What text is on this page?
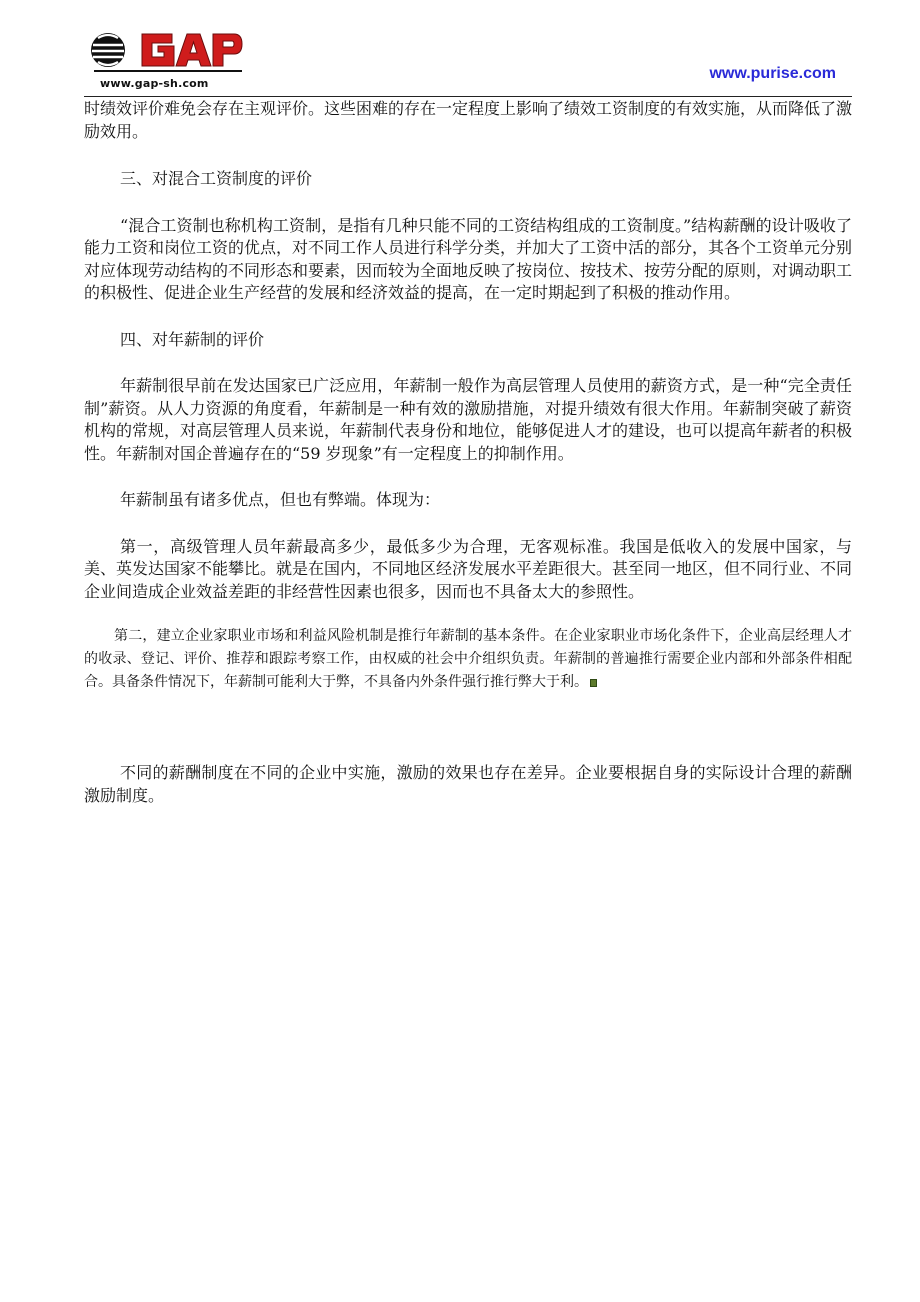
www.gap-sh.com
www.purise.com

时绩效评价难免会存在主观评价。这些困难的存在一定程度上影响了绩效工资制度的有效实施，从而降低了激励效用。

三、对混合工资制度的评价

“混合工资制也称机构工资制，是指有几种只能不同的工资结构组成的工资制度。”结构薪酬的设计吸收了能力工资和岗位工资的优点，对不同工作人员进行科学分类，并加大了工资中活的部分，其各个工资单元分别对应体现劳动结构的不同形态和要素，因而较为全面地反映了按岗位、按技术、按劳分配的原则，对调动职工的积极性、促进企业生产经营的发展和经济效益的提高，在一定时期起到了积极的推动作用。

四、对年薪制的评价

年薪制很早前在发达国家已广泛应用，年薪制一般作为高层管理人员使用的薪资方式，是一种“完全责任制”薪资。从人力资源的角度看，年薪制是一种有效的激励措施，对提升绩效有很大作用。年薪制突破了薪资机构的常规，对高层管理人员来说，年薪制代表身份和地位，能够促进人才的建设，也可以提高年薪者的积极性。年薪制对国企普遍存在的“59 岁现象”有一定程度上的抑制作用。

年薪制虽有诸多优点，但也有弊端。体现为：

第一，高级管理人员年薪最高多少，最低多少为合理，无客观标准。我国是低收入的发展中国家，与美、英发达国家不能攀比。就是在国内，不同地区经济发展水平差距很大。甚至同一地区，但不同行业、不同企业间造成企业效益差距的非经营性因素也很多，因而也不具备太大的参照性。

第二，建立企业家职业市场和利益风险机制是推行年薪制的基本条件。在企业家职业市场化条件下，企业高层经理人才的收录、登记、评价、推荐和跟踪考察工作，由权威的社会中介组织负责。年薪制的普遍推行需要企业内部和外部条件相配合。具备条件情况下，年薪制可能利大于弊，不具备内外条件强行推行弊大于利。

不同的薪酬制度在不同的企业中实施，激励的效果也存在差异。企业要根据自身的实际设计合理的薪酬激励制度。
